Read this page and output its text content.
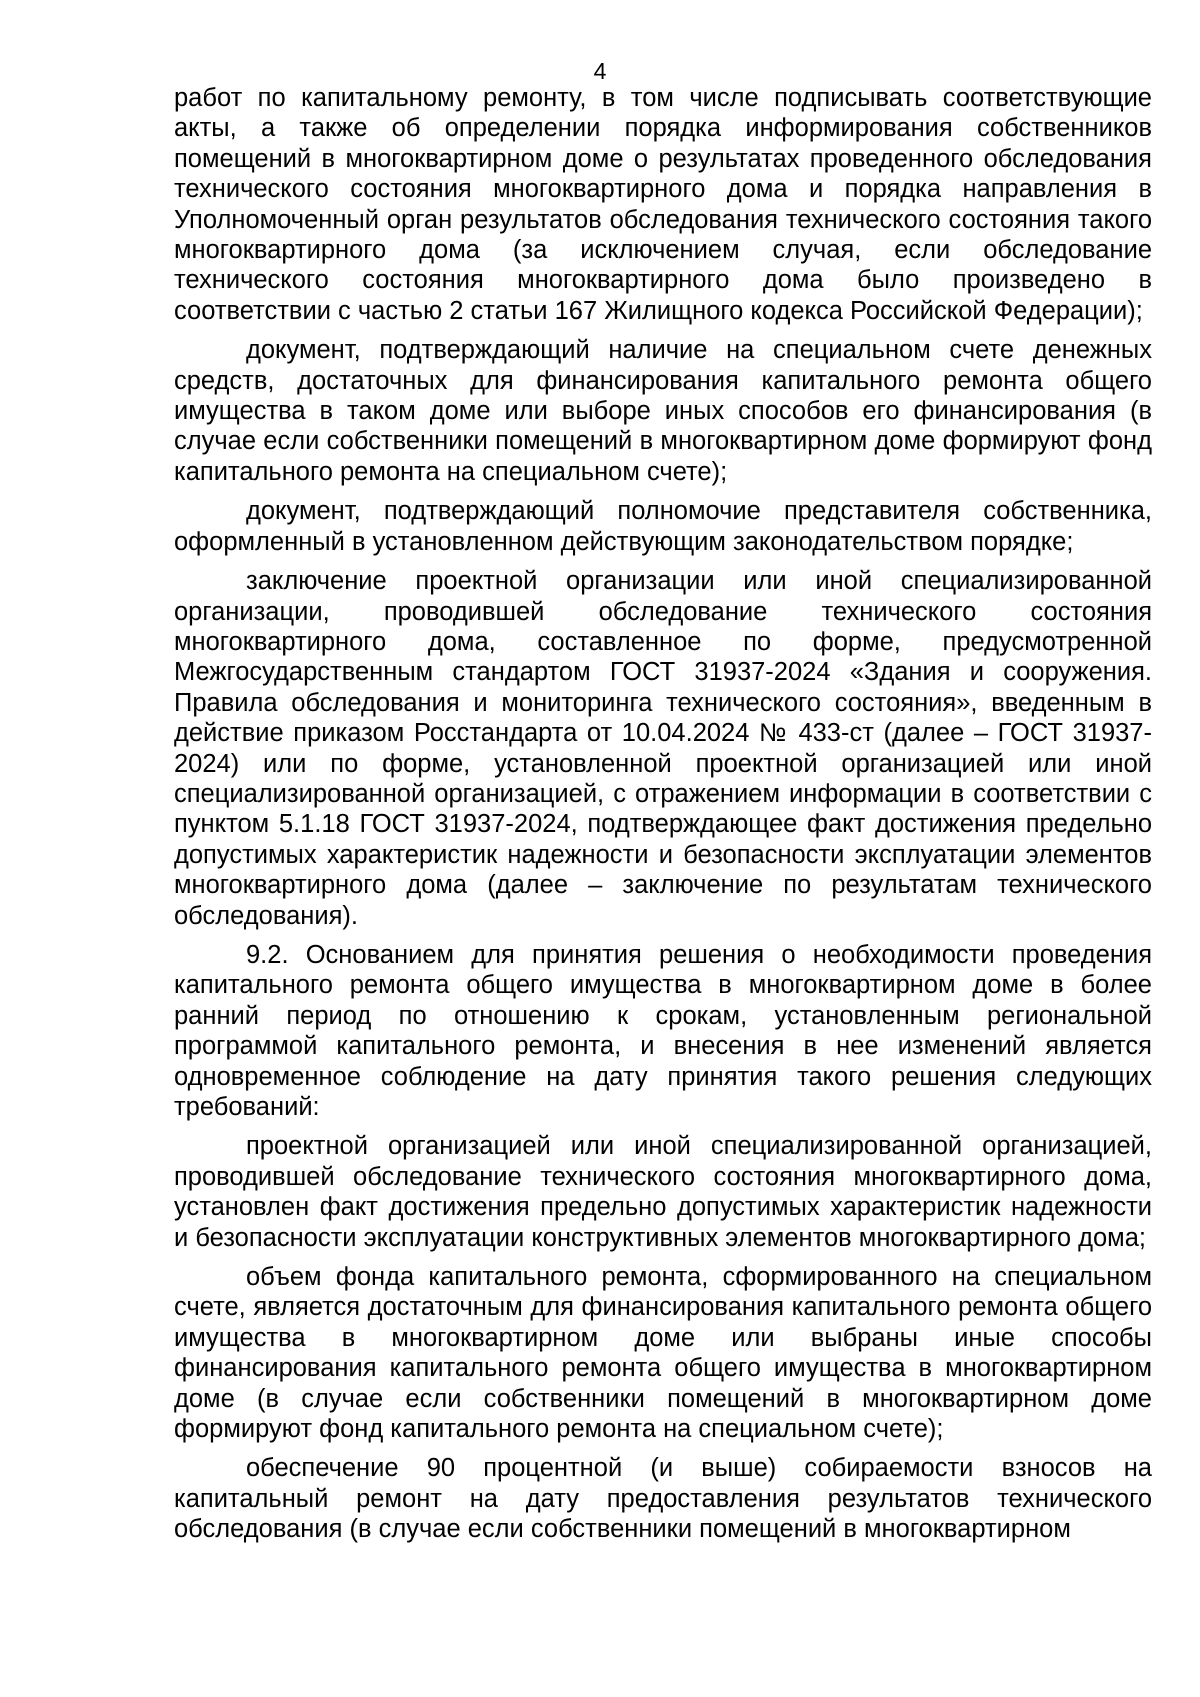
4

работ по капитальному ремонту, в том числе подписывать соответствующие акты, а также об определении порядка информирования собственников помещений в многоквартирном доме о результатах проведенного обследования технического состояния многоквартирного дома и порядка направления в Уполномоченный орган результатов обследования технического состояния такого многоквартирного дома (за исключением случая, если обследование технического состояния многоквартирного дома было произведено в соответствии с частью 2 статьи 167 Жилищного кодекса Российской Федерации);

документ, подтверждающий наличие на специальном счете денежных средств, достаточных для финансирования капитального ремонта общего имущества в таком доме или выборе иных способов его финансирования (в случае если собственники помещений в многоквартирном доме формируют фонд капитального ремонта на специальном счете);

документ, подтверждающий полномочие представителя собственника, оформленный в установленном действующим законодательством порядке;

заключение проектной организации или иной специализированной организации, проводившей обследование технического состояния многоквартирного дома, составленное по форме, предусмотренной Межгосударственным стандартом ГОСТ 31937-2024 «Здания и сооружения. Правила обследования и мониторинга технического состояния», введенным в действие приказом Росстандарта от 10.04.2024 № 433-ст (далее – ГОСТ 31937-2024) или по форме, установленной проектной организацией или иной специализированной организацией, с отражением информации в соответствии с пунктом 5.1.18 ГОСТ 31937-2024, подтверждающее факт достижения предельно допустимых характеристик надежности и безопасности эксплуатации элементов многоквартирного дома (далее – заключение по результатам технического обследования).

9.2. Основанием для принятия решения о необходимости проведения капитального ремонта общего имущества в многоквартирном доме в более ранний период по отношению к срокам, установленным региональной программой капитального ремонта, и внесения в нее изменений является одновременное соблюдение на дату принятия такого решения следующих требований:

проектной организацией или иной специализированной организацией, проводившей обследование технического состояния многоквартирного дома, установлен факт достижения предельно допустимых характеристик надежности и безопасности эксплуатации конструктивных элементов многоквартирного дома;

объем фонда капитального ремонта, сформированного на специальном счете, является достаточным для финансирования капитального ремонта общего имущества в многоквартирном доме или выбраны иные способы финансирования капитального ремонта общего имущества в многоквартирном доме (в случае если собственники помещений в многоквартирном доме формируют фонд капитального ремонта на специальном счете);

обеспечение 90 процентной (и выше) собираемости взносов на капитальный ремонт на дату предоставления результатов технического обследования (в случае если собственники помещений в многоквартирном
